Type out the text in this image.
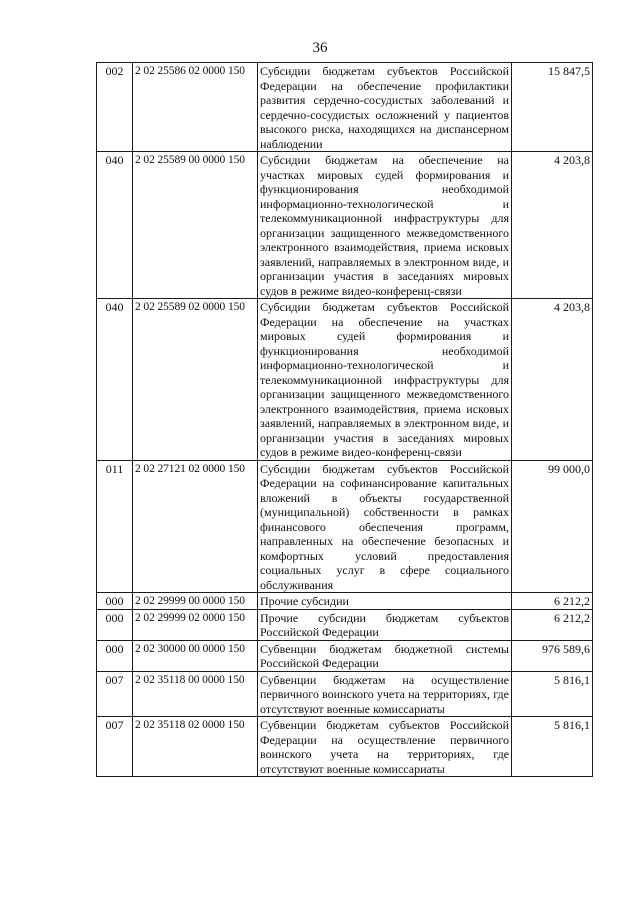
36
002	2 02 25586 02 0000 150	Субсидии бюджетам субъектов Российской Федерации на обеспечение профилактики развития сердечно-сосудистых заболеваний и сердечно-сосудистых осложнений у пациентов высокого риска, находящихся на диспансерном наблюдении	15 847,5
040	2 02 25589 00 0000 150	Субсидии бюджетам на обеспечение на участках мировых судей формирования и функционирования необходимой информационно-технологической и телекоммуникационной инфраструктуры для организации защищенного межведомственного электронного взаимодействия, приема исковых заявлений, направляемых в электронном виде, и организации участия в заседаниях мировых судов в режиме видео-конференц-связи	4 203,8
040	2 02 25589 02 0000 150	Субсидии бюджетам субъектов Российской Федерации на обеспечение на участках мировых судей формирования и функционирования необходимой информационно-технологической и телекоммуникационной инфраструктуры для организации защищенного межведомственного электронного взаимодействия, приема исковых заявлений, направляемых в электронном виде, и организации участия в заседаниях мировых судов в режиме видео-конференц-связи	4 203,8
011	2 02 27121 02 0000 150	Субсидии бюджетам субъектов Российской Федерации на софинансирование капитальных вложений в объекты государственной (муниципальной) собственности в рамках финансового обеспечения программ, направленных на обеспечение безопасных и комфортных условий предоставления социальных услуг в сфере социального обслуживания	99 000,0
000	2 02 29999 00 0000 150	Прочие субсидии	6 212,2
000	2 02 29999 02 0000 150	Прочие субсидии бюджетам субъектов Российской Федерации	6 212,2
000	2 02 30000 00 0000 150	Субвенции бюджетам бюджетной системы Российской Федерации	976 589,6
007	2 02 35118 00 0000 150	Субвенции бюджетам на осуществление первичного воинского учета на территориях, где отсутствуют военные комиссариаты	5 816,1
007	2 02 35118 02 0000 150	Субвенции бюджетам субъектов Российской Федерации на осуществление первичного воинского учета на территориях, где отсутствуют военные комиссариаты	5 816,1
